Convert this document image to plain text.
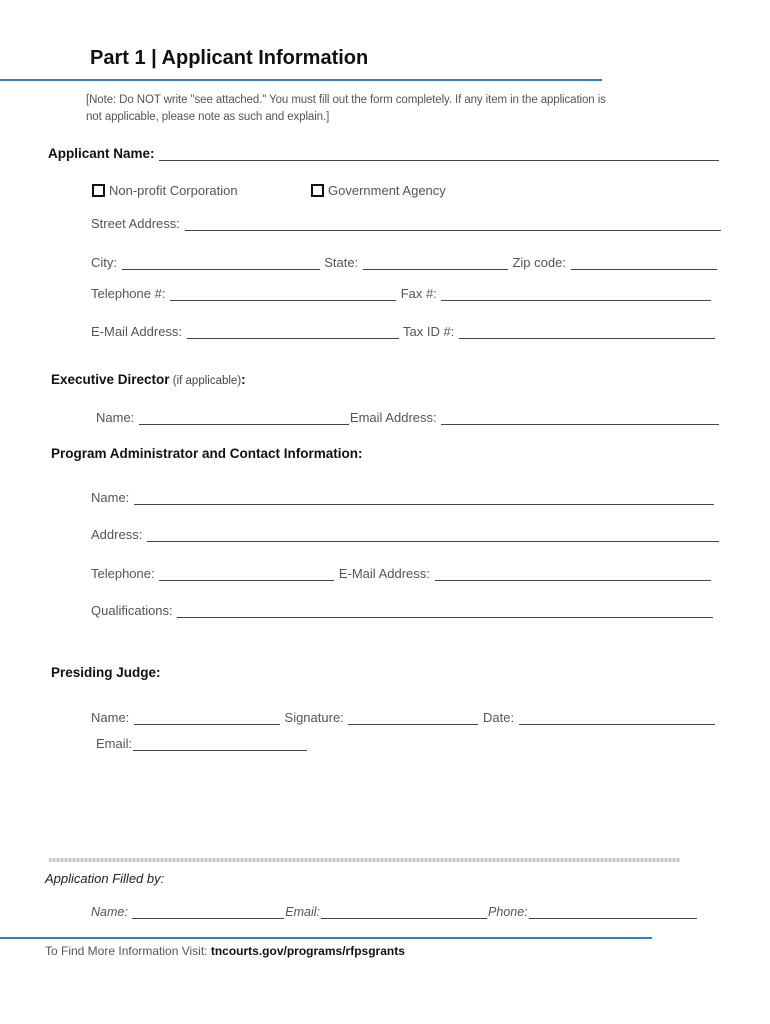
Part 1 | Applicant Information
[Note: Do NOT write "see attached." You must fill out the form completely. If any item in the application is
not applicable, please note as such and explain.]
Applicant Name:
Non-profit Corporation	Government Agency
Street Address:
City:	State:	Zip code:
Telephone #:	Fax #:
E-Mail Address:	Tax ID #:
Executive Director (if applicable):
Name:	Email Address:
Program Administrator and Contact Information:
Name:
Address:
Telephone:	E-Mail Address:
Qualifications:
Presiding Judge:
Name:	Signature:	Date:
Email:
Application Filled by:
Name:	Email:	Phone:
To Find More Information Visit: tncourts.gov/programs/rfpsgrants
